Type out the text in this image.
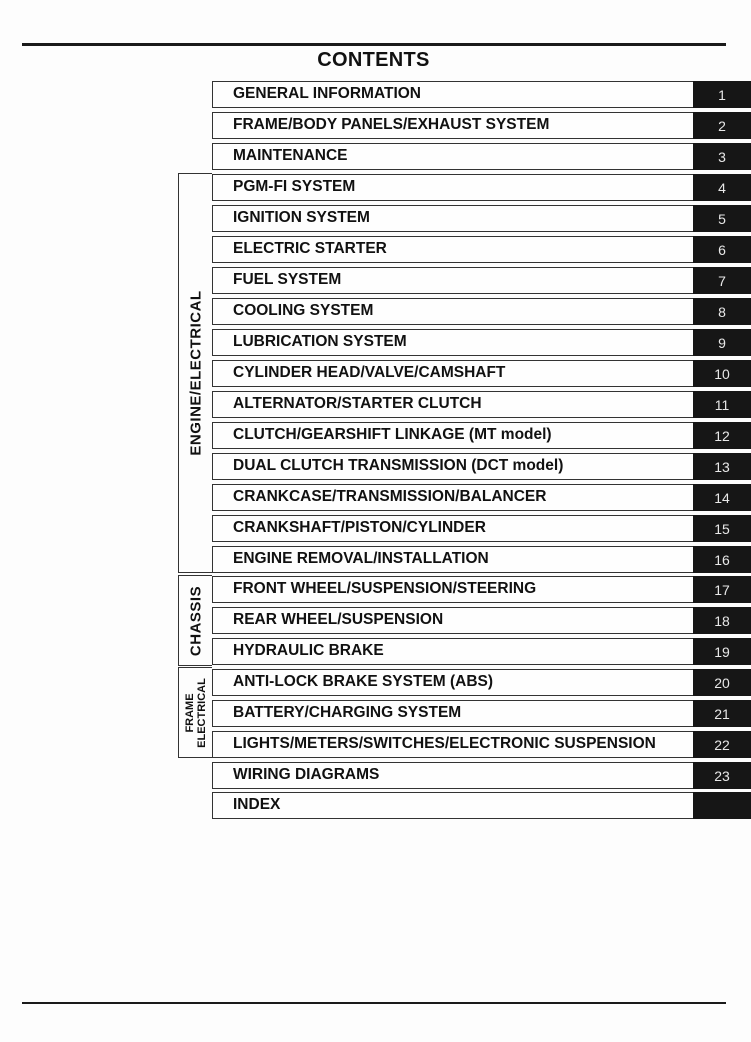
CONTENTS
ENGINE/ELECTRICAL
CHASSIS
FRAME ELECTRICAL
GENERAL INFORMATION	1
FRAME/BODY PANELS/EXHAUST SYSTEM	2
MAINTENANCE	3
PGM-FI SYSTEM	4
IGNITION SYSTEM	5
ELECTRIC STARTER	6
FUEL SYSTEM	7
COOLING SYSTEM	8
LUBRICATION SYSTEM	9
CYLINDER HEAD/VALVE/CAMSHAFT	10
ALTERNATOR/STARTER CLUTCH	11
CLUTCH/GEARSHIFT LINKAGE (MT model)	12
DUAL CLUTCH TRANSMISSION (DCT model)	13
CRANKCASE/TRANSMISSION/BALANCER	14
CRANKSHAFT/PISTON/CYLINDER	15
ENGINE REMOVAL/INSTALLATION	16
FRONT WHEEL/SUSPENSION/STEERING	17
REAR WHEEL/SUSPENSION	18
HYDRAULIC BRAKE	19
ANTI-LOCK BRAKE SYSTEM (ABS)	20
BATTERY/CHARGING SYSTEM	21
LIGHTS/METERS/SWITCHES/ELECTRONIC SUSPENSION	22
WIRING DIAGRAMS	23
INDEX
